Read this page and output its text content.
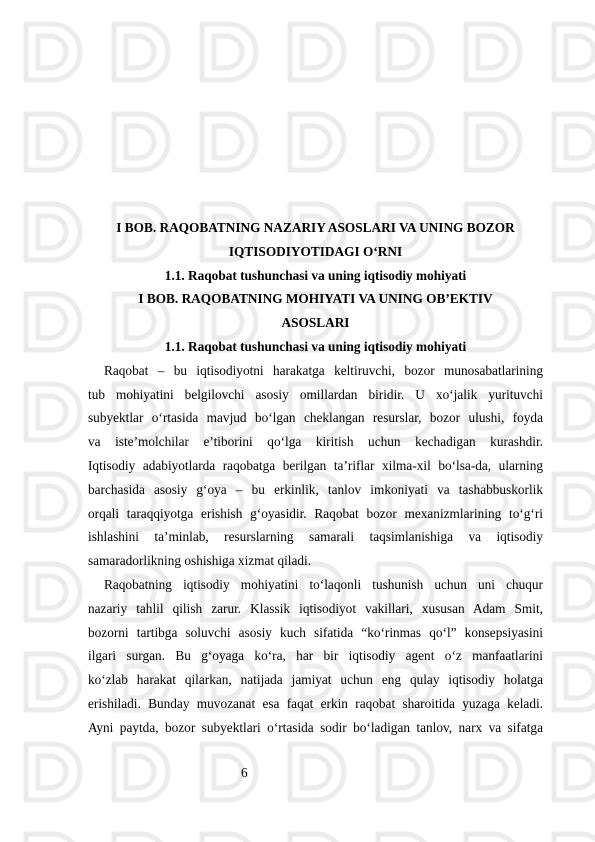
I BOB. RAQOBATNING NAZARIY ASOSLARI VA UNING BOZOR
IQTISODIYOTIDAGI O‘RNI
1.1. Raqobat tushunchasi va uning iqtisodiy mohiyati
I BOB. RAQOBATNING MOHIYATI VA UNING OB’EKTIV
ASOSLARI
1.1. Raqobat tushunchasi va uning iqtisodiy mohiyati
Raqobat – bu iqtisodiyotni harakatga keltiruvchi, bozor munosabatlarining
tub mohiyatini belgilovchi asosiy omillardan biridir. U xo‘jalik yurituvchi
subyektlar o‘rtasida mavjud bo‘lgan cheklangan resurslar, bozor ulushi, foyda
va iste’molchilar e’tiborini qo‘lga kiritish uchun kechadigan kurashdir.
Iqtisodiy adabiyotlarda raqobatga berilgan ta’riflar xilma-xil bo‘lsa-da, ularning
barchasida asosiy g‘oya – bu erkinlik, tanlov imkoniyati va tashabbuskorlik
orqali taraqqiyotga erishish g‘oyasidir. Raqobat bozor mexanizmlarining to‘g‘ri
ishlashini ta’minlab, resurslarning samarali taqsimlanishiga va iqtisodiy
samaradorlikning oshishiga xizmat qiladi.
Raqobatning iqtisodiy mohiyatini to‘laqonli tushunish uchun uni chuqur
nazariy tahlil qilish zarur. Klassik iqtisodiyot vakillari, xususan Adam Smit,
bozorni tartibga soluvchi asosiy kuch sifatida “ko‘rinmas qo‘l” konsepsiyasini
ilgari surgan. Bu g‘oyaga ko‘ra, har bir iqtisodiy agent o‘z manfaatlarini
ko‘zlab harakat qilarkan, natijada jamiyat uchun eng qulay iqtisodiy holatga
erishiladi. Bunday muvozanat esa faqat erkin raqobat sharoitida yuzaga keladi.
Ayni paytda, bozor subyektlari o‘rtasida sodir bo‘ladigan tanlov, narx va sifatga
6
